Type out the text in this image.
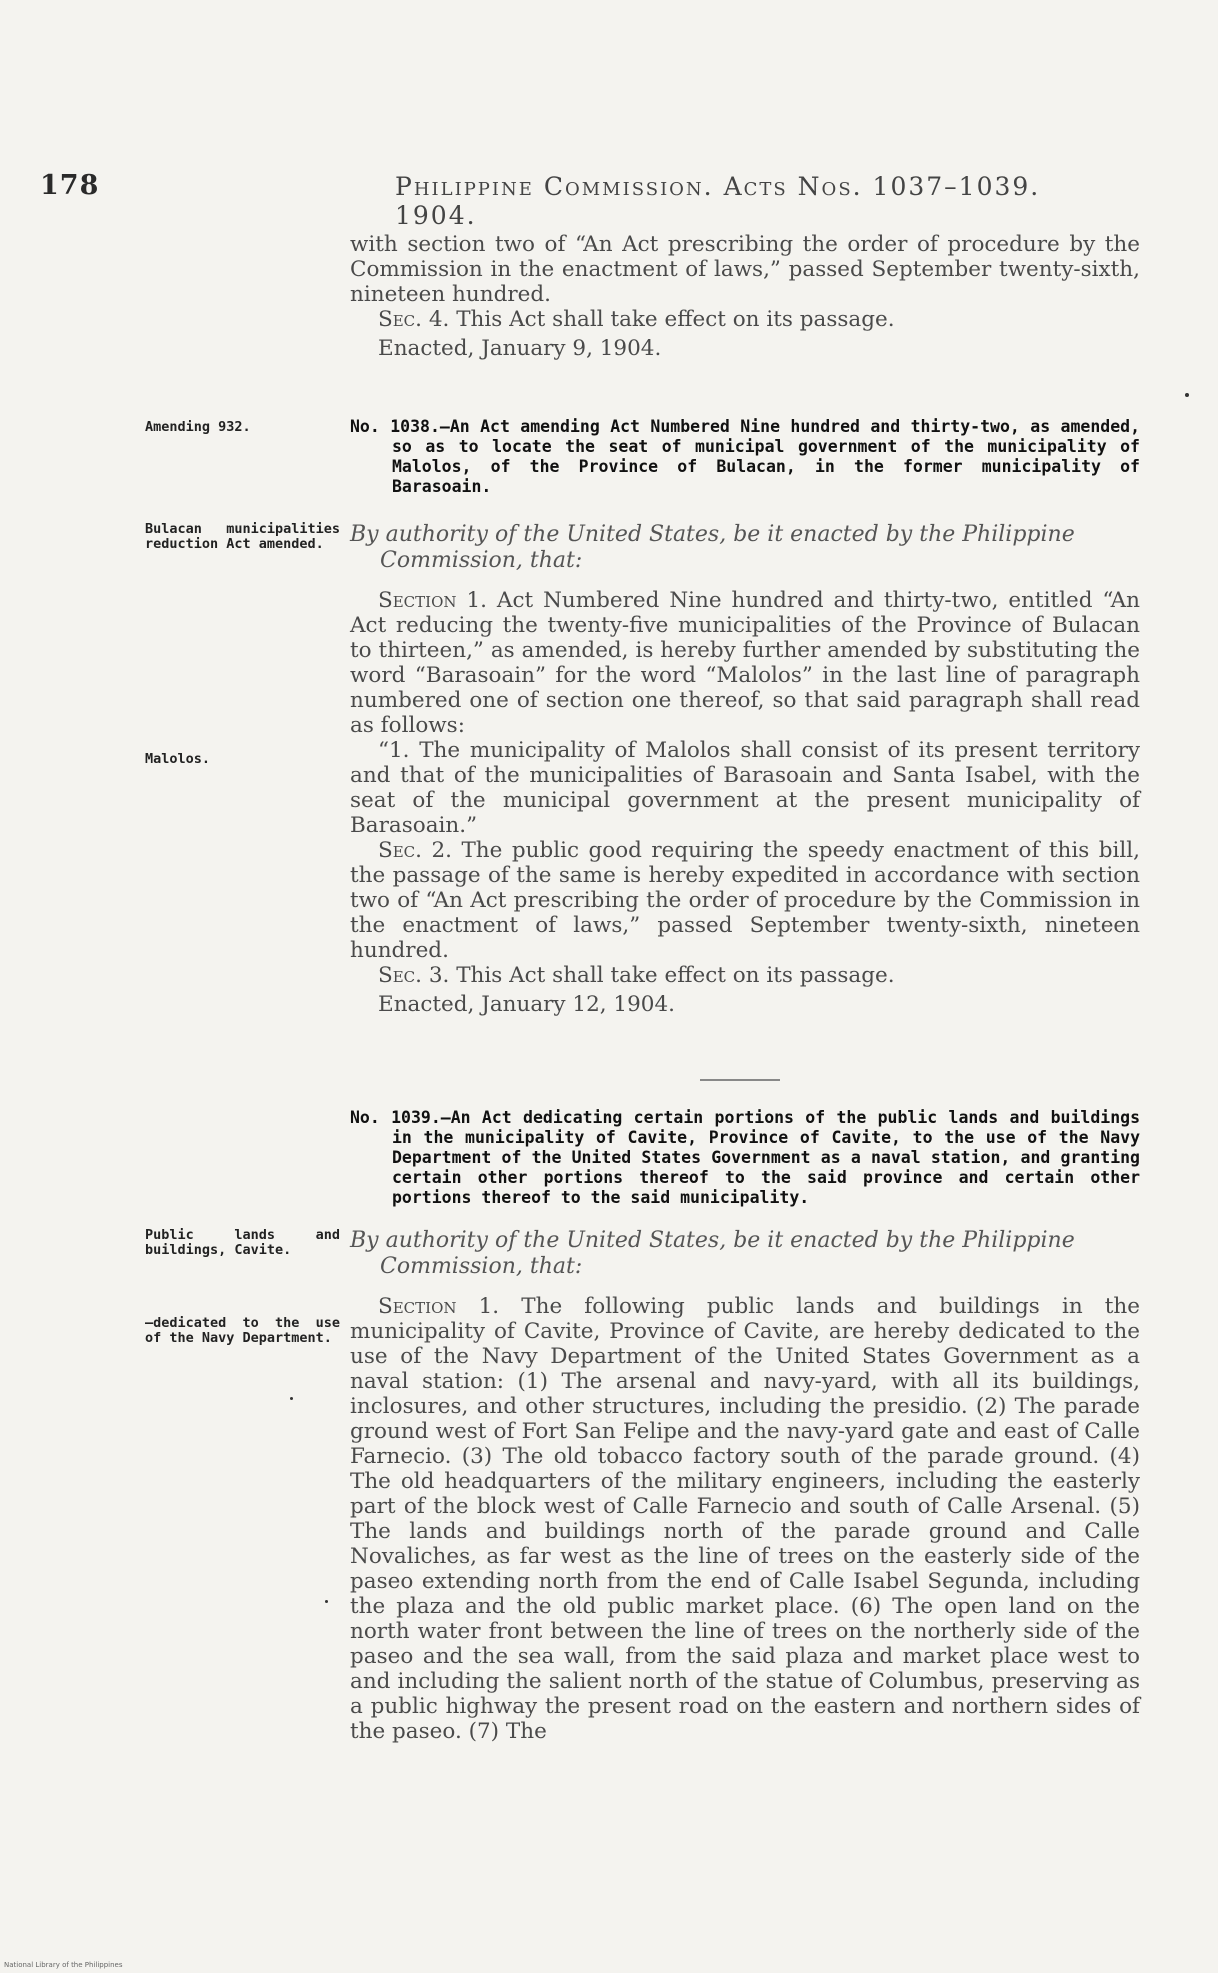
178	Philippine Commission. Acts Nos. 1037–1039. 1904.

with section two of “An Act prescribing the order of procedure by the Commission in the enactment of laws,” passed September twenty-sixth, nineteen hundred.

Sec. 4. This Act shall take effect on its passage.

Enacted, January 9, 1904.

Amending 932.	No. 1038.—An Act amending Act Numbered Nine hundred and thirty-two, as amended, so as to locate the seat of municipal government of the municipality of Malolos, of the Province of Bulacan, in the former municipality of Barasoain.

Bulacan municipalities reduction Act amended.	By authority of the United States, be it enacted by the Philippine Commission, that:

Section 1. Act Numbered Nine hundred and thirty-two, entitled “An Act reducing the twenty-five municipalities of the Province of Bulacan to thirteen,” as amended, is hereby further amended by substituting the word “Barasoain” for the word “Malolos” in the last line of paragraph numbered one of section one thereof, so that said paragraph shall read as follows:

“1. The municipality of Malolos shall consist of its present territory and that of the municipalities of Barasoain and Santa Isabel, with the seat of the municipal government at the present municipality of Barasoain.”

Sec. 2. The public good requiring the speedy enactment of this bill, the passage of the same is hereby expedited in accordance with section two of “An Act prescribing the order of procedure by the Commission in the enactment of laws,” passed September twenty-sixth, nineteen hundred.

Sec. 3. This Act shall take effect on its passage.

Enacted, January 12, 1904.

Malolos.

No. 1039.—An Act dedicating certain portions of the public lands and buildings in the municipality of Cavite, Province of Cavite, to the use of the Navy Department of the United States Government as a naval station, and granting certain other portions thereof to the said province and certain other portions thereof to the said municipality.

Public lands and buildings, Cavite.
—dedicated to the use of the Navy Department.

By authority of the United States, be it enacted by the Philippine Commission, that:

Section 1. The following public lands and buildings in the municipality of Cavite, Province of Cavite, are hereby dedicated to the use of the Navy Department of the United States Government as a naval station: (1) The arsenal and navy-yard, with all its buildings, inclosures, and other structures, including the presidio. (2) The parade ground west of Fort San Felipe and the navy-yard gate and east of Calle Farnecio. (3) The old tobacco factory south of the parade ground. (4) The old headquarters of the military engineers, including the easterly part of the block west of Calle Farnecio and south of Calle Arsenal. (5) The lands and buildings north of the parade ground and Calle Novaliches, as far west as the line of trees on the easterly side of the paseo extending north from the end of Calle Isabel Segunda, including the plaza and the old public market place. (6) The open land on the north water front between the line of trees on the northerly side of the paseo and the sea wall, from the said plaza and market place west to and including the salient north of the statue of Columbus, preserving as a public highway the present road on the eastern and northern sides of the paseo. (7) The

National Library of the Philippines
